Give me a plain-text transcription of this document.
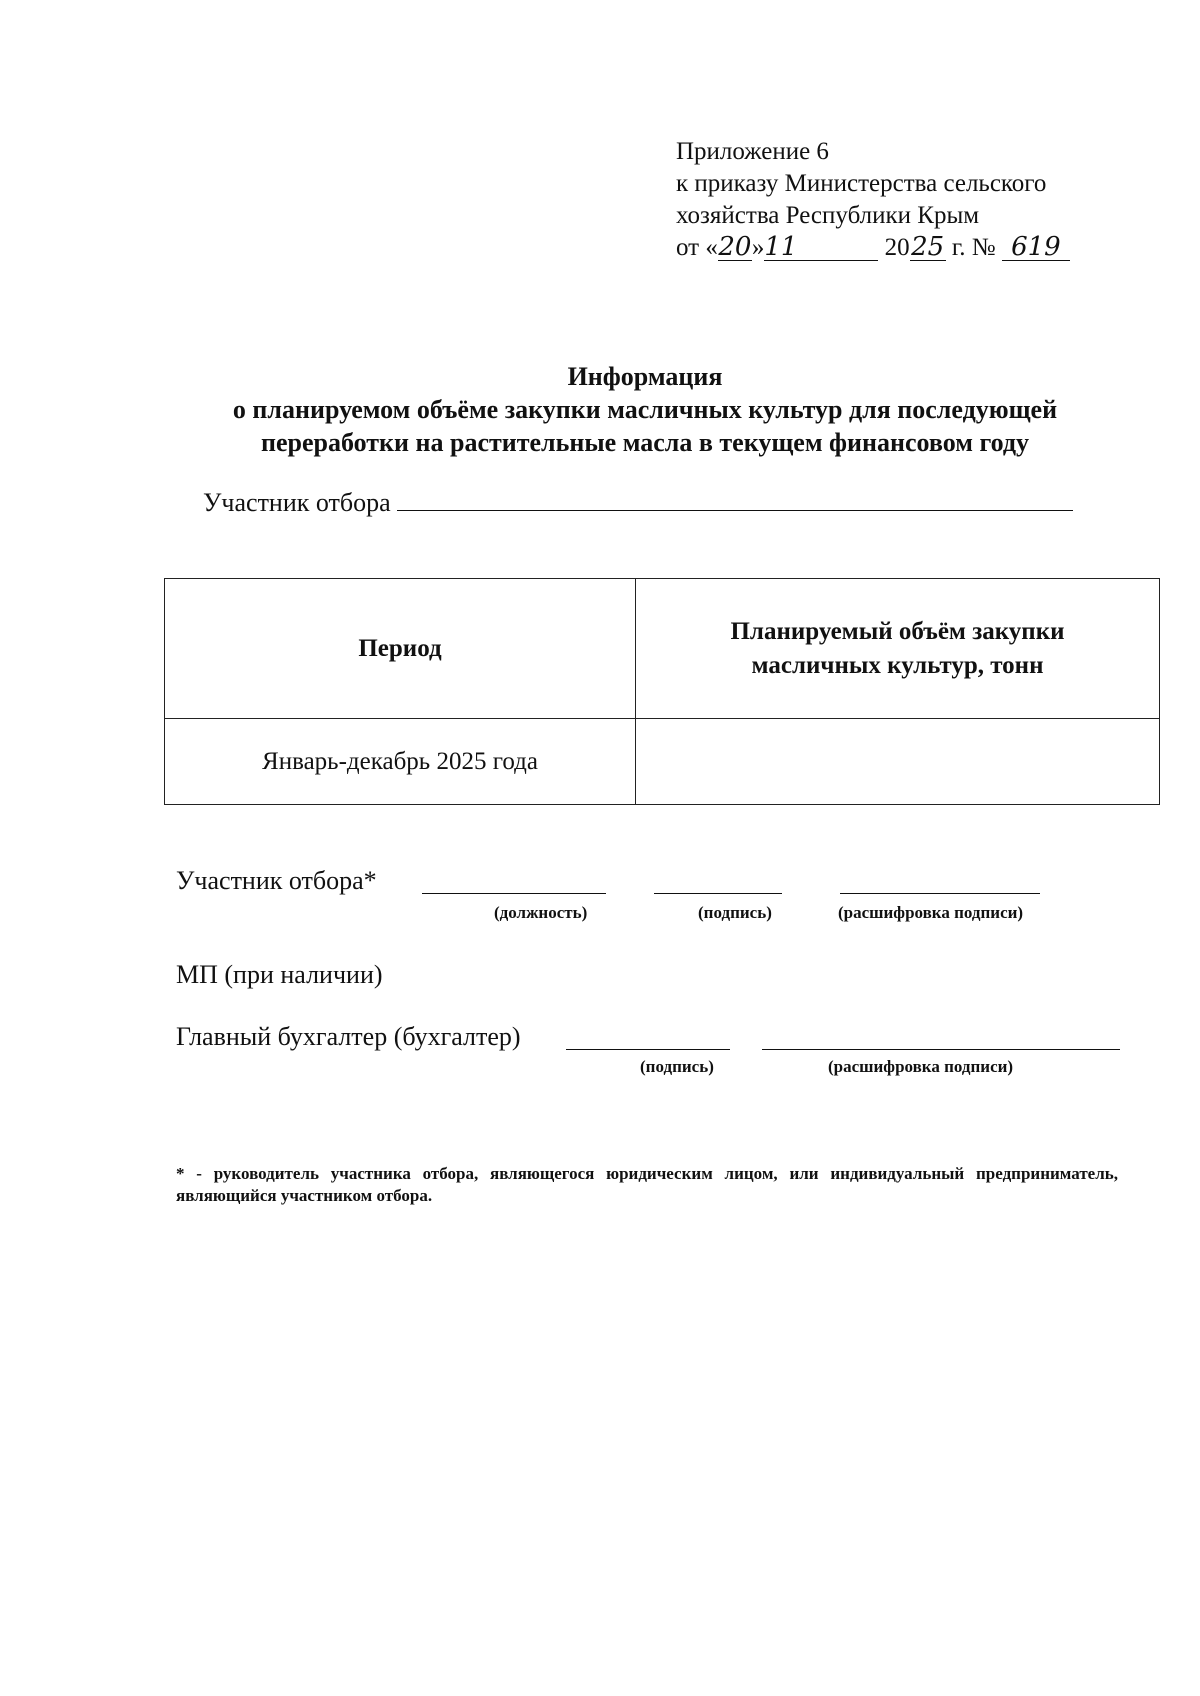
Приложение 6
к приказу Министерства сельского
хозяйства Республики Крым
от «20»11	2025 г. № 619
Информация
о планируемом объёме закупки масличных культур для последующей
переработки на растительные масла в текущем финансовом году
Участник отбора
Период	Планируемый объём закупки масличных культур, тонн
Январь-декабрь 2025 года	
Участник отбора*
(должность)	(подпись)	(расшифровка подписи)
МП (при наличии)
Главный бухгалтер (бухгалтер)
(подпись)	(расшифровка подписи)
* - руководитель участника отбора, являющегося юридическим лицом, или индивидуальный предприниматель, являющийся участником отбора.
